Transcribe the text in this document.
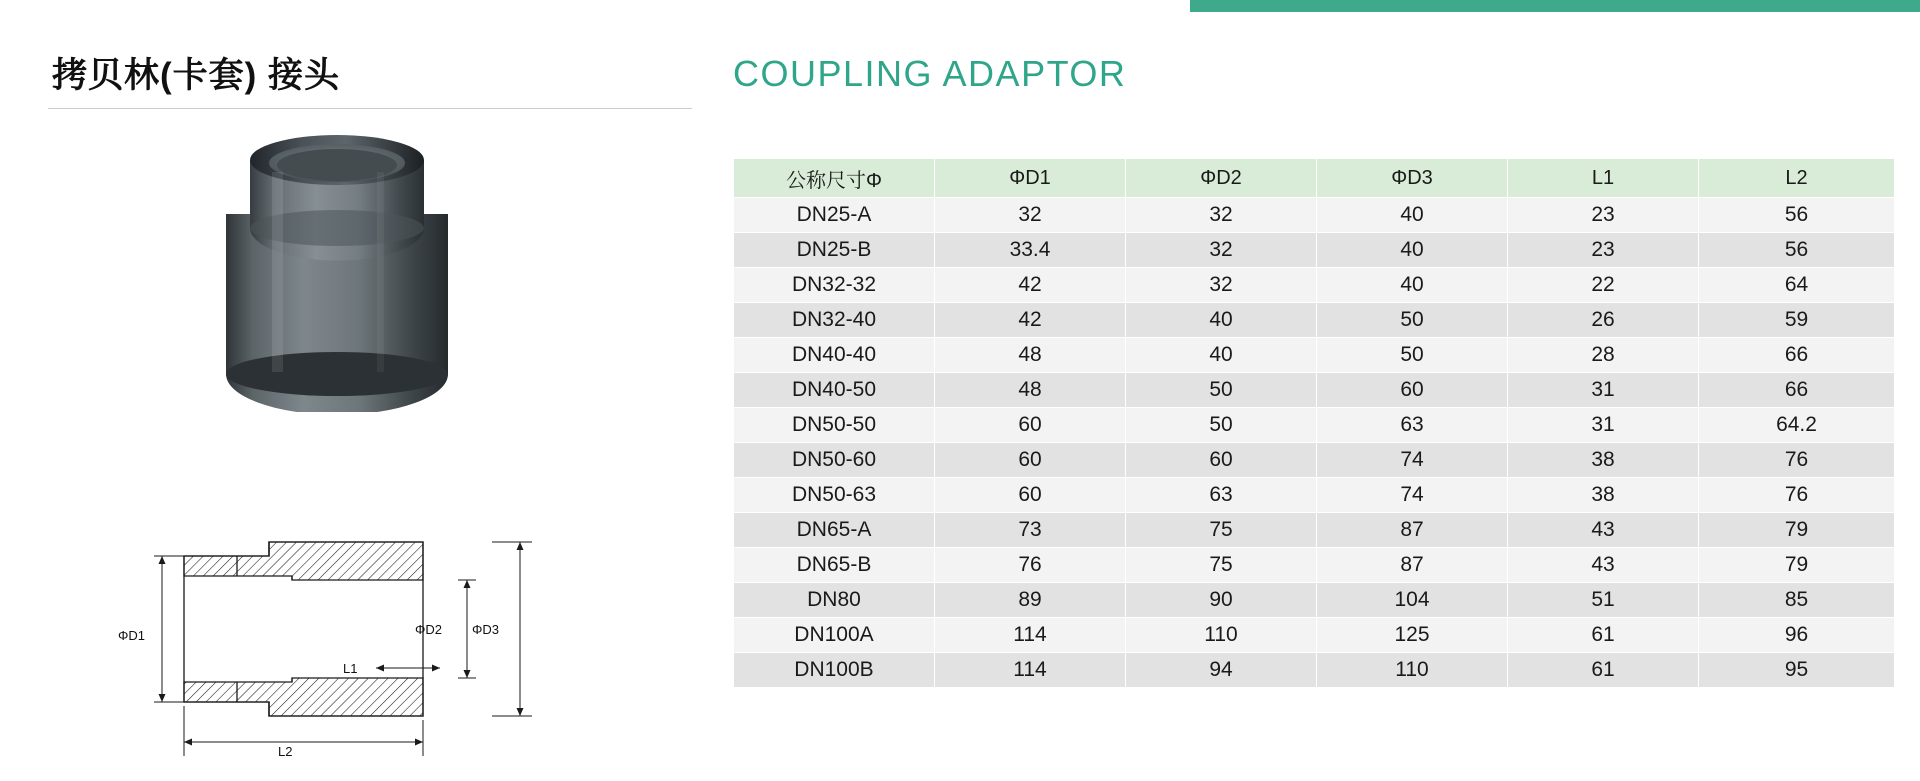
拷贝林(卡套) 接头
ΦD1	ΦD2 ΦD3
L1
L2
COUPLING ADAPTOR
公称尺寸Φ	ΦD1	ΦD2	ΦD3	L1	L2
DN25-A	32	32	40	23	56
DN25-B	33.4	32	40	23	56
DN32-32	42	32	40	22	64
DN32-40	42	40	50	26	59
DN40-40	48	40	50	28	66
DN40-50	48	50	60	31	66
DN50-50	60	50	63	31	64.2
DN50-60	60	60	74	38	76
DN50-63	60	63	74	38	76
DN65-A	73	75	87	43	79
DN65-B	76	75	87	43	79
DN80	89	90	104	51	85
DN100A	114	110	125	61	96
DN100B	114	94	110	61	95
